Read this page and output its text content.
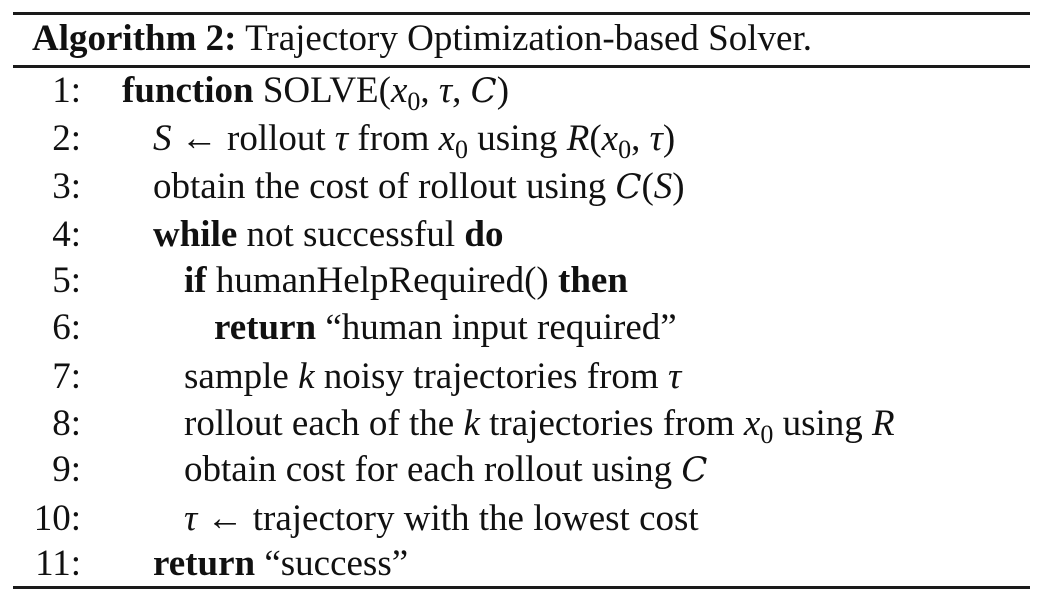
Algorithm 2: Trajectory Optimization-based Solver.
1: function $SOLVE(x_0$, τ, C)
2: S ← rollout τ from $x_0$ using $R(x_0$, τ)
3: obtain the cost of rollout using C(S)
4: while not successful do
5:	if humanHelpRequired() then
6:	return “human input required”
7:	sample k noisy trajectories from τ
8:	rollout each of the k trajectories from $x_0$ using R
9:	obtain cost for each rollout using C
10:	τ ← trajectory with the lowest cost
11: return “success”
